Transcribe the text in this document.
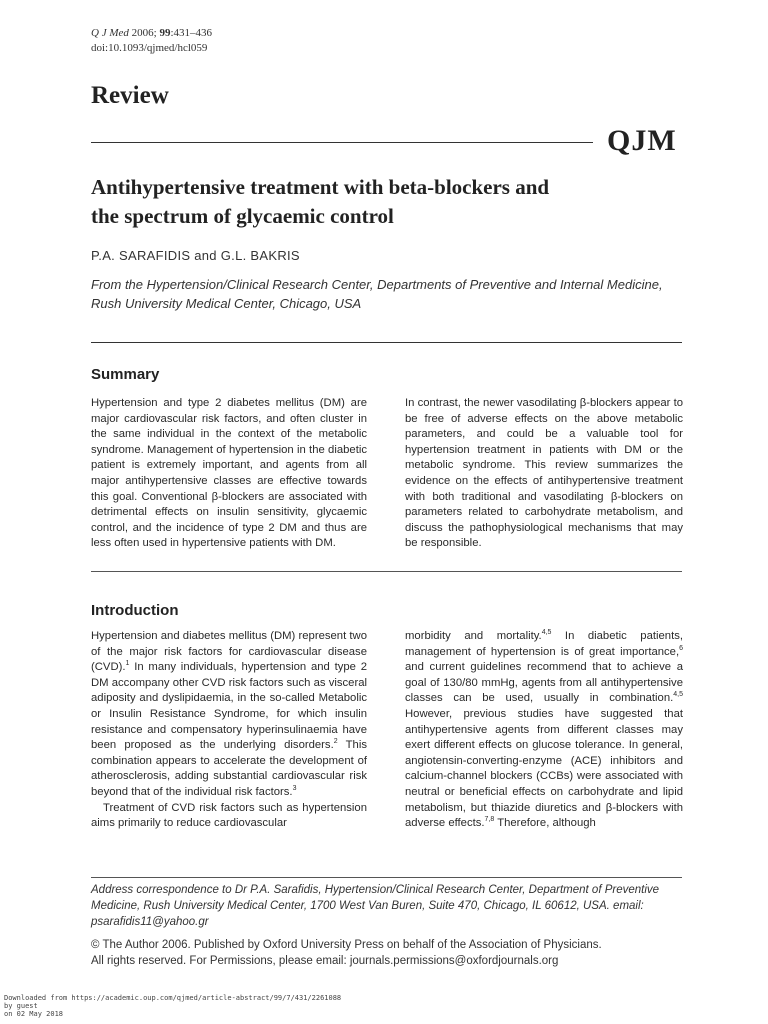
Q J Med 2006; 99:431–436
doi:10.1093/qjmed/hcl059
Review
QJM
Antihypertensive treatment with beta-blockers and
the spectrum of glycaemic control
P.A. SARAFIDIS and G.L. BAKRIS
From the Hypertension/Clinical Research Center, Departments of Preventive and Internal Medicine,
Rush University Medical Center, Chicago, USA
Summary

Hypertension and type 2 diabetes mellitus (DM) are major cardiovascular risk factors, and often cluster in the same individual in the context of the metabolic syndrome. Management of hypertension in the diabetic patient is extremely important, and agents from all major antihypertensive classes are effective towards this goal. Conventional β-blockers are associated with detrimental effects on insulin sensitivity, glycaemic control, and the incidence of type 2 DM and thus are less often used in hypertensive patients with DM.

In contrast, the newer vasodilating β-blockers appear to be free of adverse effects on the above metabolic parameters, and could be a valuable tool for hypertension treatment in patients with DM or the metabolic syndrome. This review summarizes the evidence on the effects of antihypertensive treatment with both traditional and vasodilating β-blockers on parameters related to carbohydrate metabolism, and discuss the pathophysiological mechanisms that may be responsible.

Introduction

Hypertension and diabetes mellitus (DM) represent two of the major risk factors for cardiovascular disease (CVD).$^1$ In many individuals, hypertension and type 2 DM accompany other CVD risk factors such as visceral adiposity and dyslipidaemia, in the so-called Metabolic or Insulin Resistance Syndrome, for which insulin resistance and compensatory hyperinsulinaemia have been proposed as the underlying disorders.$^2$ This combination appears to accelerate the development of atherosclerosis, adding substantial cardiovascular risk beyond that of the individual risk factors.$^3$

Treatment of CVD risk factors such as hypertension aims primarily to reduce cardiovascular

morbidity and mortality.$^{4,5}$ In diabetic patients, management of hypertension is of great importance,$^6$ and current guidelines recommend that to achieve a goal of 130/80 mmHg, agents from all antihypertensive classes can be used, usually in combination.$^{4,5}$ However, previous studies have suggested that antihypertensive agents from different classes may exert different effects on glucose tolerance. In general, angiotensin-converting-enzyme (ACE) inhibitors and calcium-channel blockers (CCBs) were associated with neutral or beneficial effects on carbohydrate and lipid metabolism, but thiazide diuretics and β-blockers with adverse effects.$^{7,8}$ Therefore, although

Address correspondence to Dr P.A. Sarafidis, Hypertension/Clinical Research Center, Department of Preventive Medicine, Rush University Medical Center, 1700 West Van Buren, Suite 470, Chicago, IL 60612, USA. email: psarafidis11@yahoo.gr
© The Author 2006. Published by Oxford University Press on behalf of the Association of Physicians.
All rights reserved. For Permissions, please email: journals.permissions@oxfordjournals.org
Downloaded from https://academic.oup.com/qjmed/article-abstract/99/7/431/2261088
by guest
on 02 May 2018
